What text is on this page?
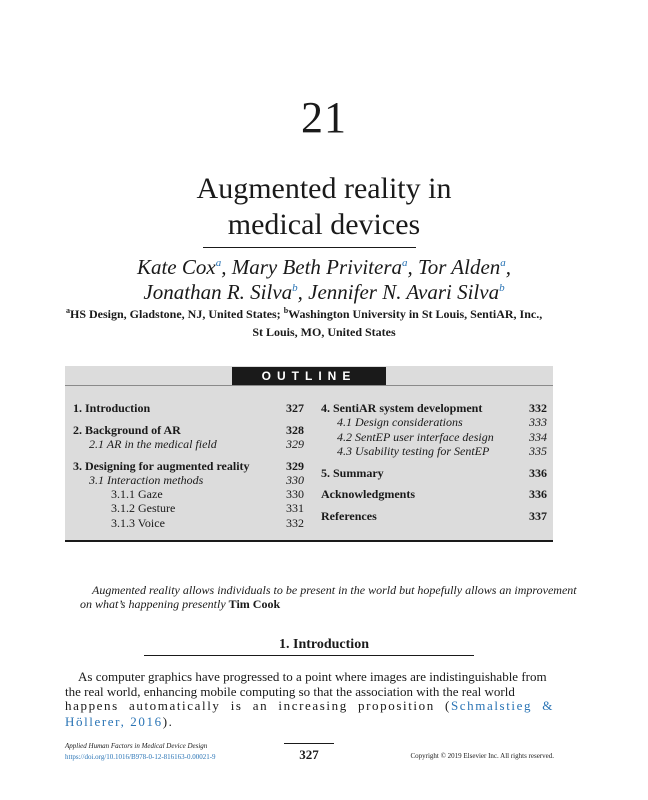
21
Augmented reality in
medical devices
Kate Cox$^a$, Mary Beth Privitera$^a$, Tor Alden$^a$,
Jonathan R. Silva$^b$, Jennifer N. Avari Silva$^b$
$^a$HS Design, Gladstone, NJ, United States; $^b$Washington University in St Louis, SentiAR, Inc.,
St Louis, MO, United States
OUTLINE
1. Introduction	327
2. Background of AR	328
2.1 AR in the medical field	329
3. Designing for augmented reality	329
3.1 Interaction methods	330
3.1.1 Gaze	330
3.1.2 Gesture	331
3.1.3 Voice	332
4. SentiAR system development	332
4.1 Design considerations	333
4.2 SentEP user interface design	334
4.3 Usability testing for SentEP	335
5. Summary	336
Acknowledgments	336
References	337
Augmented reality allows individuals to be present in the world but hopefully allows an improvement
on what’s happening presently Tim Cook
1. Introduction
As computer graphics have progressed to a point where images are indistinguishable from
the real world, enhancing mobile computing so that the association with the real world
happens automatically is an increasing proposition (Schmalstieg & Höllerer, 2016).
Applied Human Factors in Medical Device Design
https://doi.org/10.1016/B978-0-12-816163-0.00021-9	327	Copyright © 2019 Elsevier Inc. All rights reserved.
